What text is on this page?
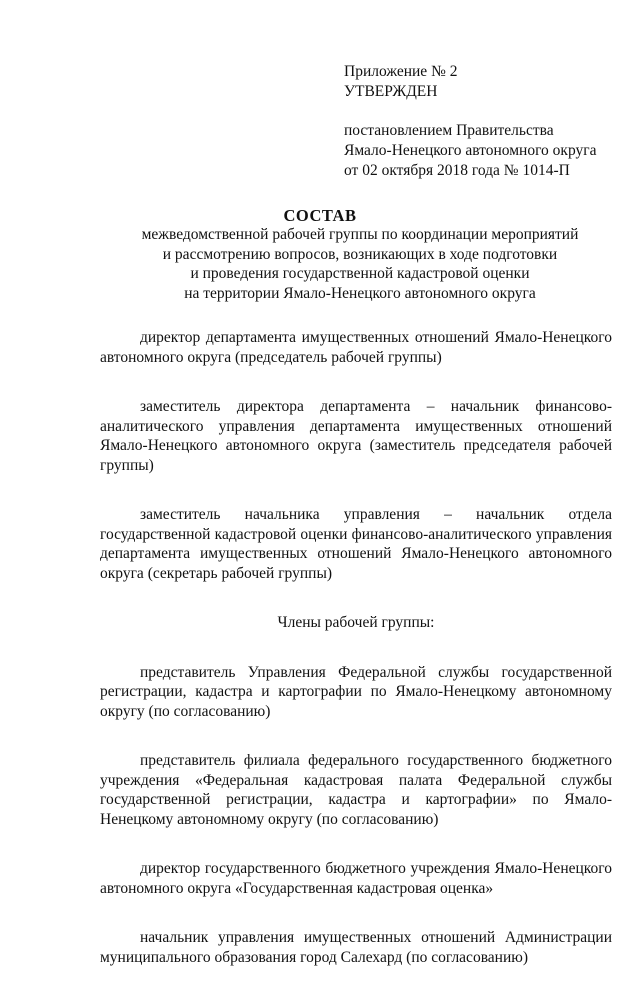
Приложение № 2
УТВЕРЖДЕН
постановлением Правительства
Ямало-Ненецкого автономного округа
от 02 октября 2018 года № 1014-П
СОСТАВ
межведомственной рабочей группы по координации мероприятий
и рассмотрению вопросов, возникающих в ходе подготовки
и проведения государственной кадастровой оценки
на территории Ямало-Ненецкого автономного округа

директор департамента имущественных отношений Ямало-Ненецкого автономного округа (председатель рабочей группы)

заместитель директора департамента – начальник финансово-аналитического управления департамента имущественных отношений Ямало-Ненецкого автономного округа (заместитель председателя рабочей группы)

заместитель начальника управления – начальник отдела государственной кадастровой оценки финансово-аналитического управления департамента имущественных отношений Ямало-Ненецкого автономного округа (секретарь рабочей группы)

Члены рабочей группы:

представитель Управления Федеральной службы государственной регистрации, кадастра и картографии по Ямало-Ненецкому автономному округу (по согласованию)

представитель филиала федерального государственного бюджетного учреждения «Федеральная кадастровая палата Федеральной службы государственной регистрации, кадастра и картографии» по Ямало-Ненецкому автономному округу (по согласованию)

директор государственного бюджетного учреждения Ямало-Ненецкого автономного округа «Государственная кадастровая оценка»

начальник управления имущественных отношений Администрации муниципального образования город Салехард (по согласованию)
